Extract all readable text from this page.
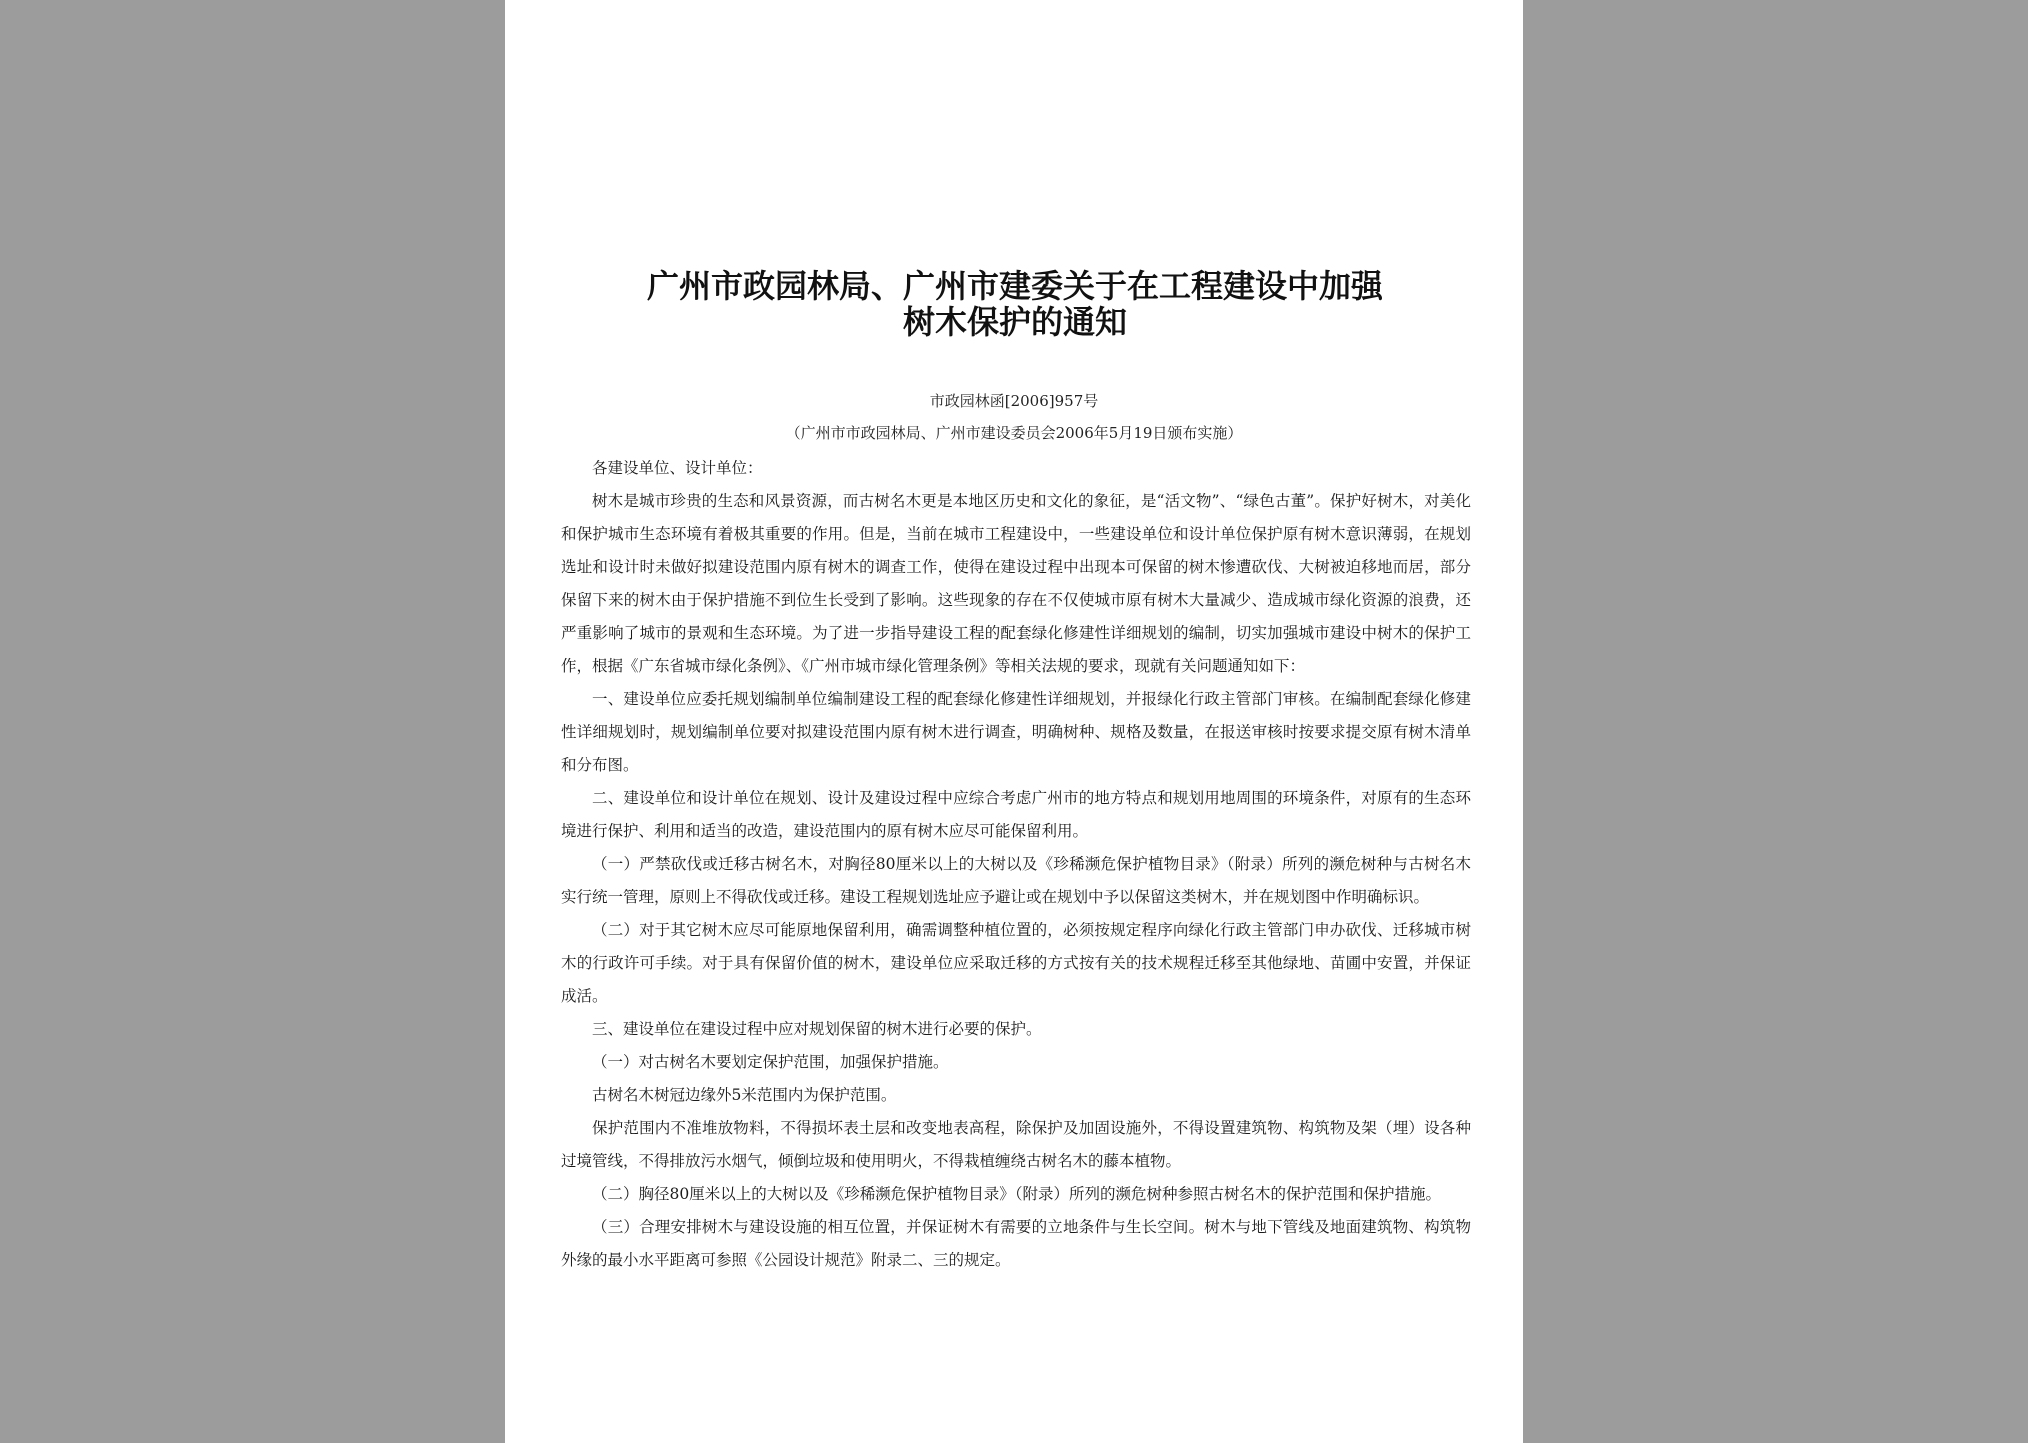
广州市政园林局、广州市建委关于在工程建设中加强
树木保护的通知
市政园林函[2006]957号
（广州市市政园林局、广州市建设委员会2006年5月19日颁布实施）

各建设单位、设计单位：

树木是城市珍贵的生态和风景资源，而古树名木更是本地区历史和文化的象征，是“活文物”、“绿色古董”。保护好树木，对美化和保护城市生态环境有着极其重要的作用。但是，当前在城市工程建设中，一些建设单位和设计单位保护原有树木意识薄弱，在规划选址和设计时未做好拟建设范围内原有树木的调查工作，使得在建设过程中出现本可保留的树木惨遭砍伐、大树被迫移地而居，部分保留下来的树木由于保护措施不到位生长受到了影响。这些现象的存在不仅使城市原有树木大量减少、造成城市绿化资源的浪费，还严重影响了城市的景观和生态环境。为了进一步指导建设工程的配套绿化修建性详细规划的编制，切实加强城市建设中树木的保护工作，根据《广东省城市绿化条例》、《广州市城市绿化管理条例》等相关法规的要求，现就有关问题通知如下：

一、建设单位应委托规划编制单位编制建设工程的配套绿化修建性详细规划，并报绿化行政主管部门审核。在编制配套绿化修建性详细规划时，规划编制单位要对拟建设范围内原有树木进行调查，明确树种、规格及数量，在报送审核时按要求提交原有树木清单和分布图。

二、建设单位和设计单位在规划、设计及建设过程中应综合考虑广州市的地方特点和规划用地周围的环境条件，对原有的生态环境进行保护、利用和适当的改造，建设范围内的原有树木应尽可能保留利用。

（一）严禁砍伐或迁移古树名木，对胸径80厘米以上的大树以及《珍稀濒危保护植物目录》（附录）所列的濒危树种与古树名木实行统一管理，原则上不得砍伐或迁移。建设工程规划选址应予避让或在规划中予以保留这类树木，并在规划图中作明确标识。

（二）对于其它树木应尽可能原地保留利用，确需调整种植位置的，必须按规定程序向绿化行政主管部门申办砍伐、迁移城市树木的行政许可手续。对于具有保留价值的树木，建设单位应采取迁移的方式按有关的技术规程迁移至其他绿地、苗圃中安置，并保证成活。

三、建设单位在建设过程中应对规划保留的树木进行必要的保护。

（一）对古树名木要划定保护范围，加强保护措施。

古树名木树冠边缘外5米范围内为保护范围。

保护范围内不准堆放物料，不得损坏表土层和改变地表高程，除保护及加固设施外，不得设置建筑物、构筑物及架（埋）设各种过境管线，不得排放污水烟气，倾倒垃圾和使用明火，不得栽植缠绕古树名木的藤本植物。

（二）胸径80厘米以上的大树以及《珍稀濒危保护植物目录》（附录）所列的濒危树种参照古树名木的保护范围和保护措施。

（三）合理安排树木与建设设施的相互位置，并保证树木有需要的立地条件与生长空间。树木与地下管线及地面建筑物、构筑物外缘的最小水平距离可参照《公园设计规范》附录二、三的规定。
